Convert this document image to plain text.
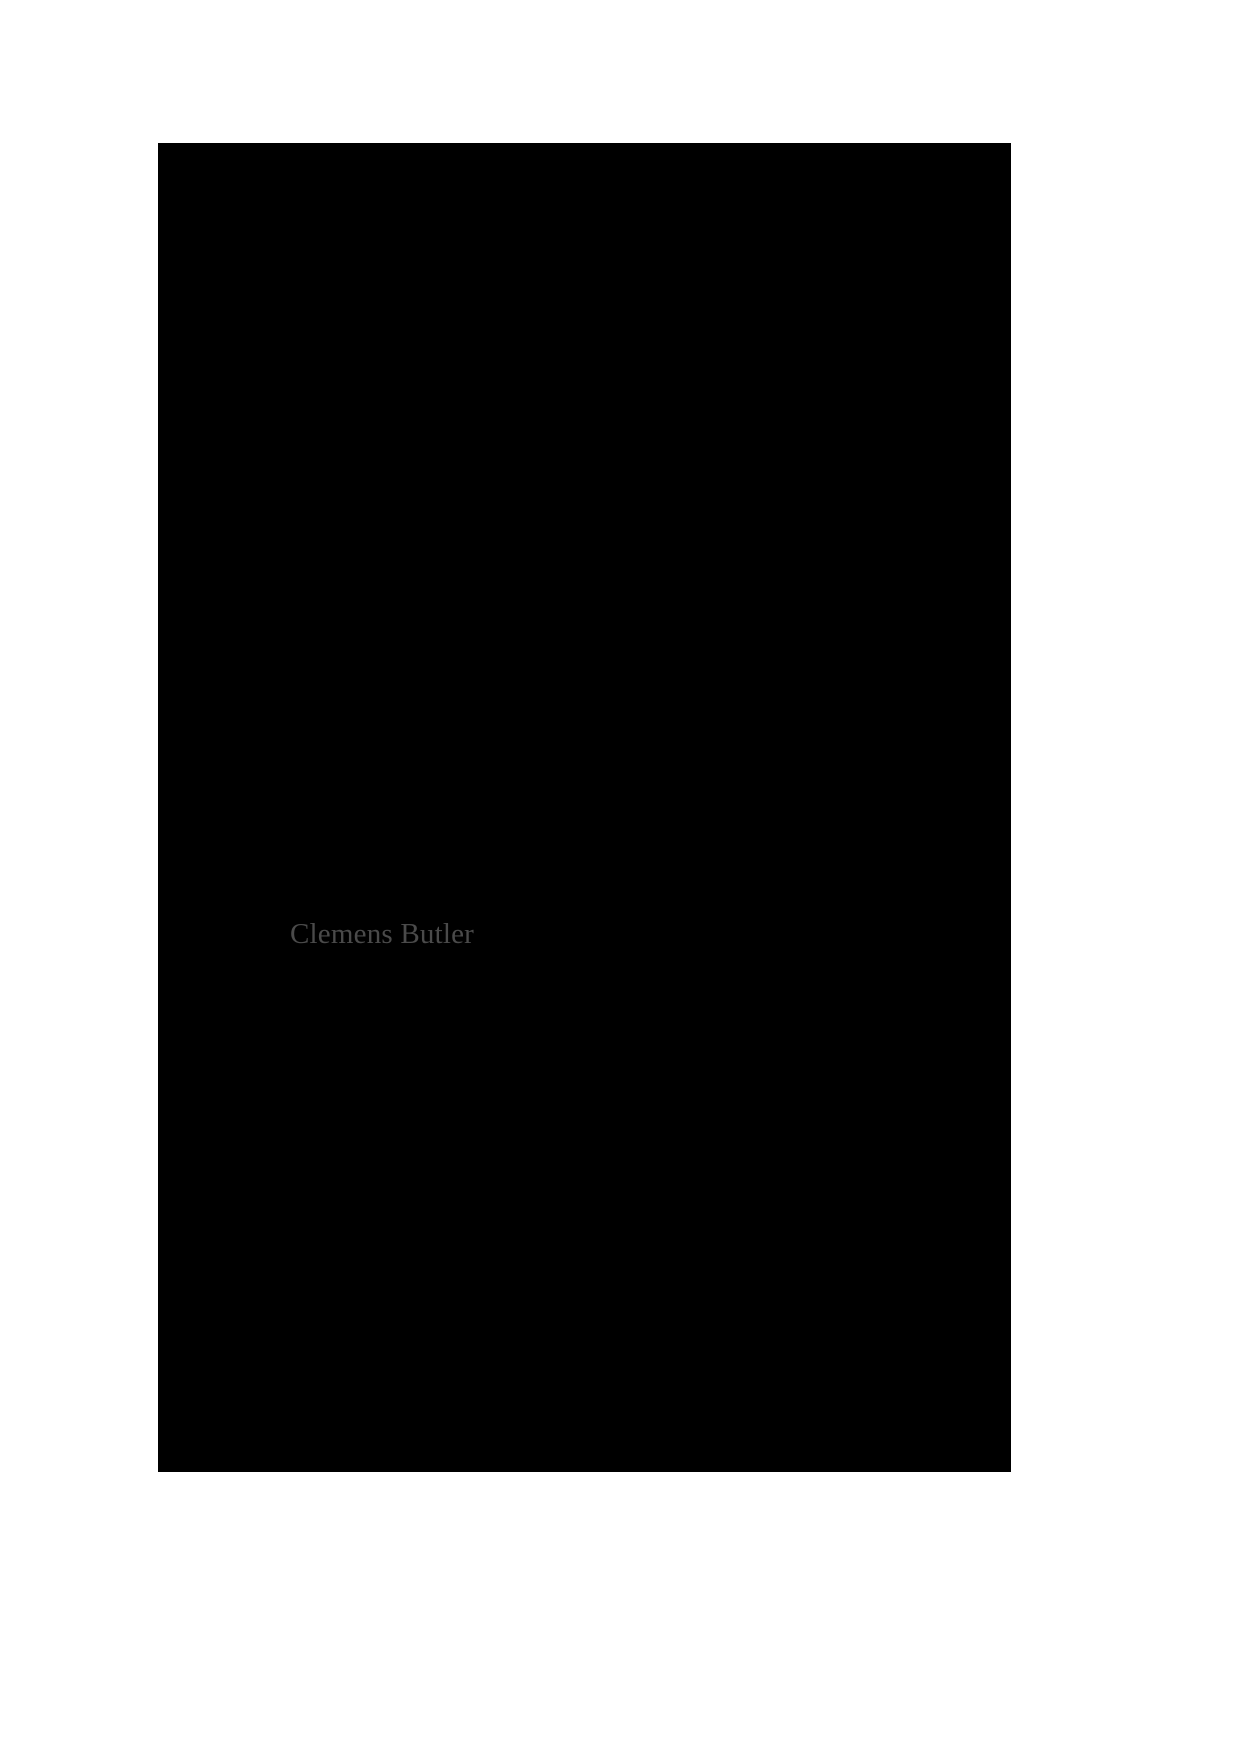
Clemens Butler
